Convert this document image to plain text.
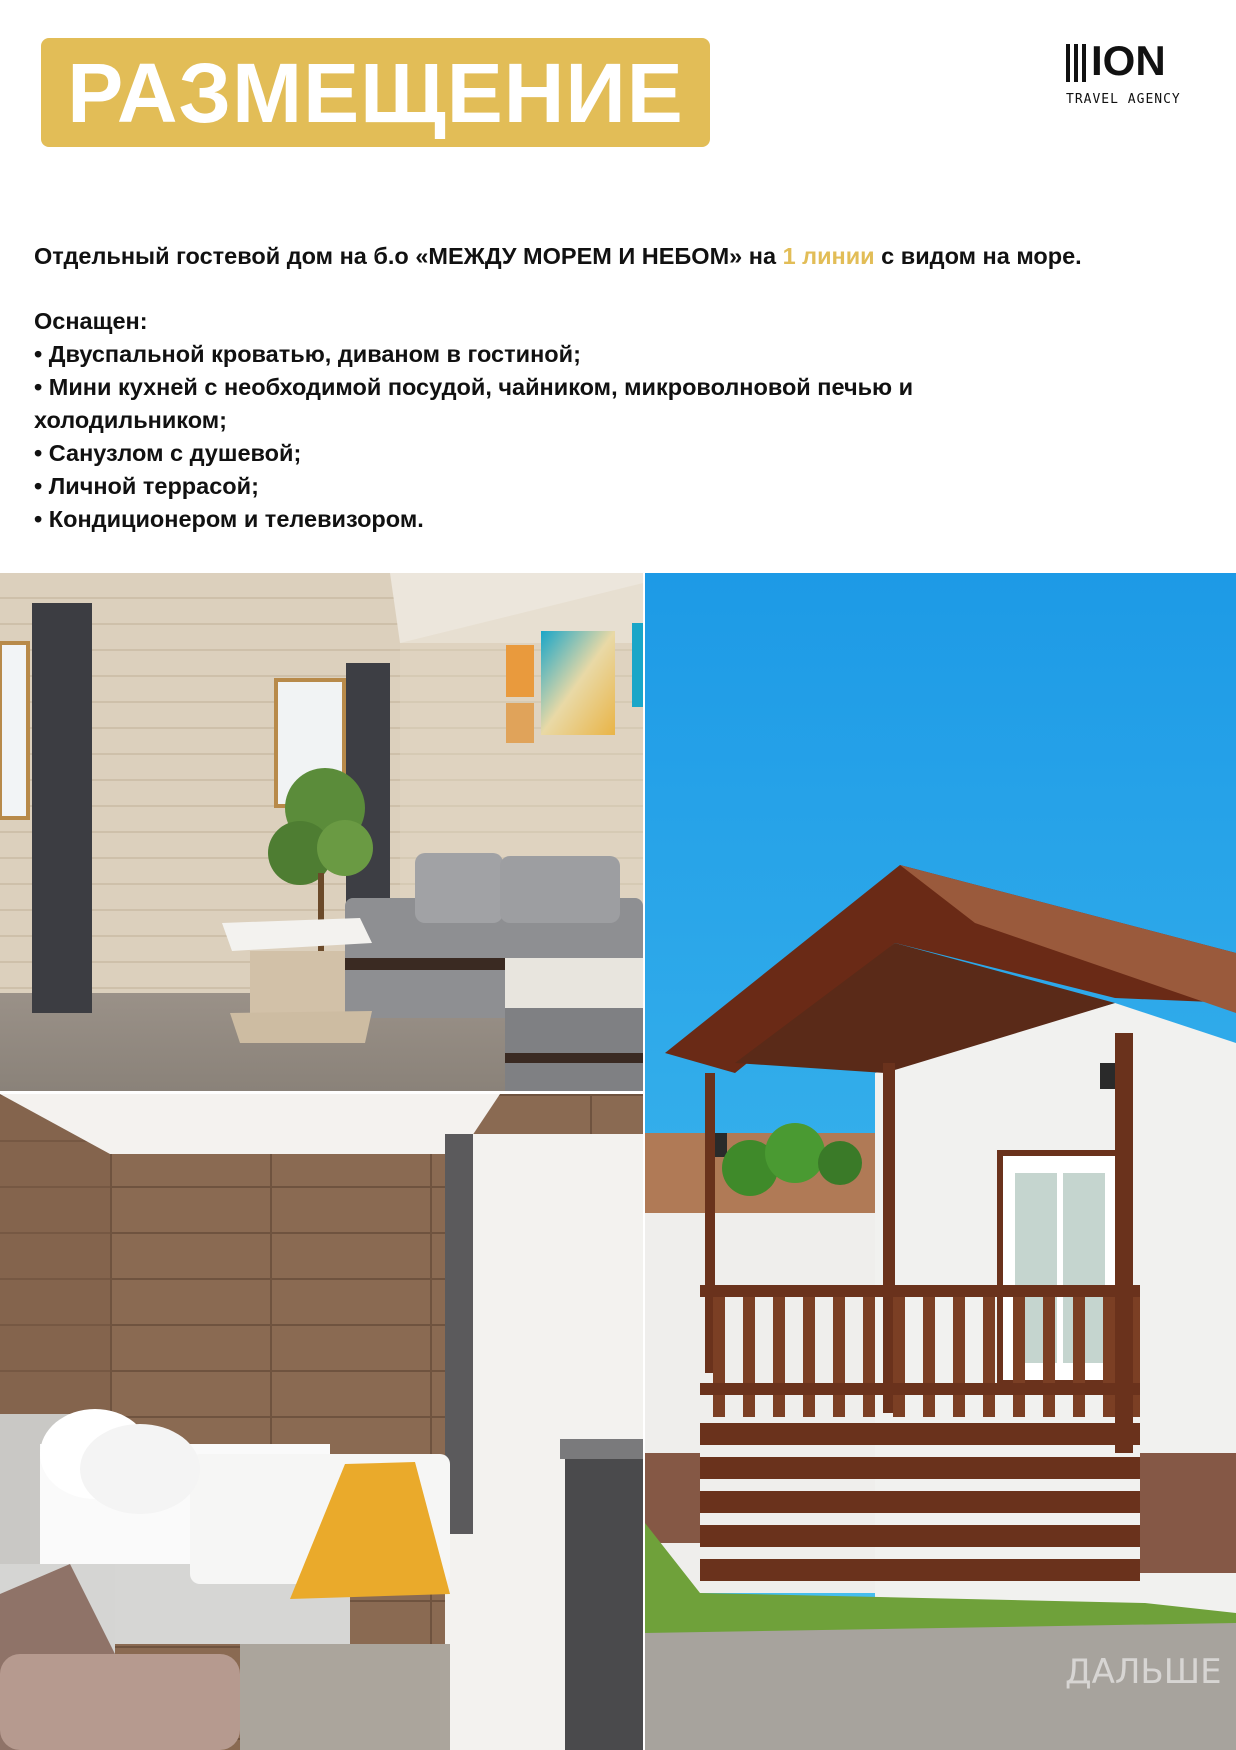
РАЗМЕЩЕНИЕ	ION
TRAVEL AGENCY

Отдельный гостевой дом на б.о «МЕЖДУ МОРЕМ И НЕБОМ» на 1 линии с видом на море.

Оснащен:

• Двуспальной кроватью, диваном в гостиной;

• Мини кухней с необходимой посудой, чайником, микроволновой печью и холодильником;

• Санузлом с душевой;

• Личной террасой;

• Кондиционером и телевизором.

ДАЛЬШЕ
